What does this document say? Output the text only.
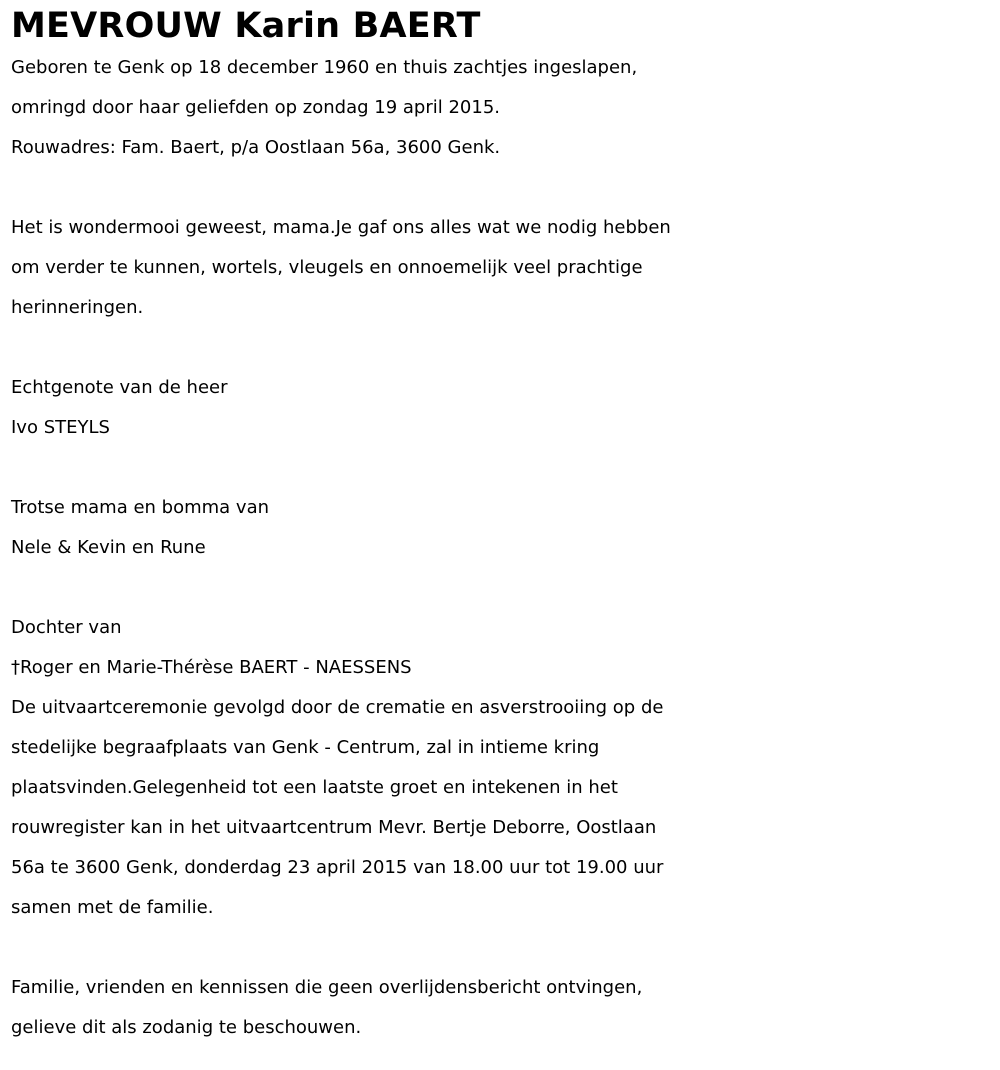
MEVROUW Karin BAERT

Geboren te Genk op 18 december 1960 en thuis zachtjes ingeslapen,

omringd door haar geliefden op zondag 19 april 2015.

Rouwadres: Fam. Baert, p/a Oostlaan 56a, 3600 Genk.

Het is wondermooi geweest, mama.Je gaf ons alles wat we nodig hebben

om verder te kunnen, wortels, vleugels en onnoemelijk veel prachtige

herinneringen.

Echtgenote van de heer

Ivo STEYLS

Trotse mama en bomma van

Nele & Kevin en Rune

Dochter van

†Roger en Marie-Thérèse BAERT - NAESSENS

De uitvaartceremonie gevolgd door de crematie en asverstrooiing op de

stedelijke begraafplaats van Genk - Centrum, zal in intieme kring

plaatsvinden.Gelegenheid tot een laatste groet en intekenen in het

rouwregister kan in het uitvaartcentrum Mevr. Bertje Deborre, Oostlaan

56a te 3600 Genk, donderdag 23 april 2015 van 18.00 uur tot 19.00 uur

samen met de familie.

Familie, vrienden en kennissen die geen overlijdensbericht ontvingen,

gelieve dit als zodanig te beschouwen.
